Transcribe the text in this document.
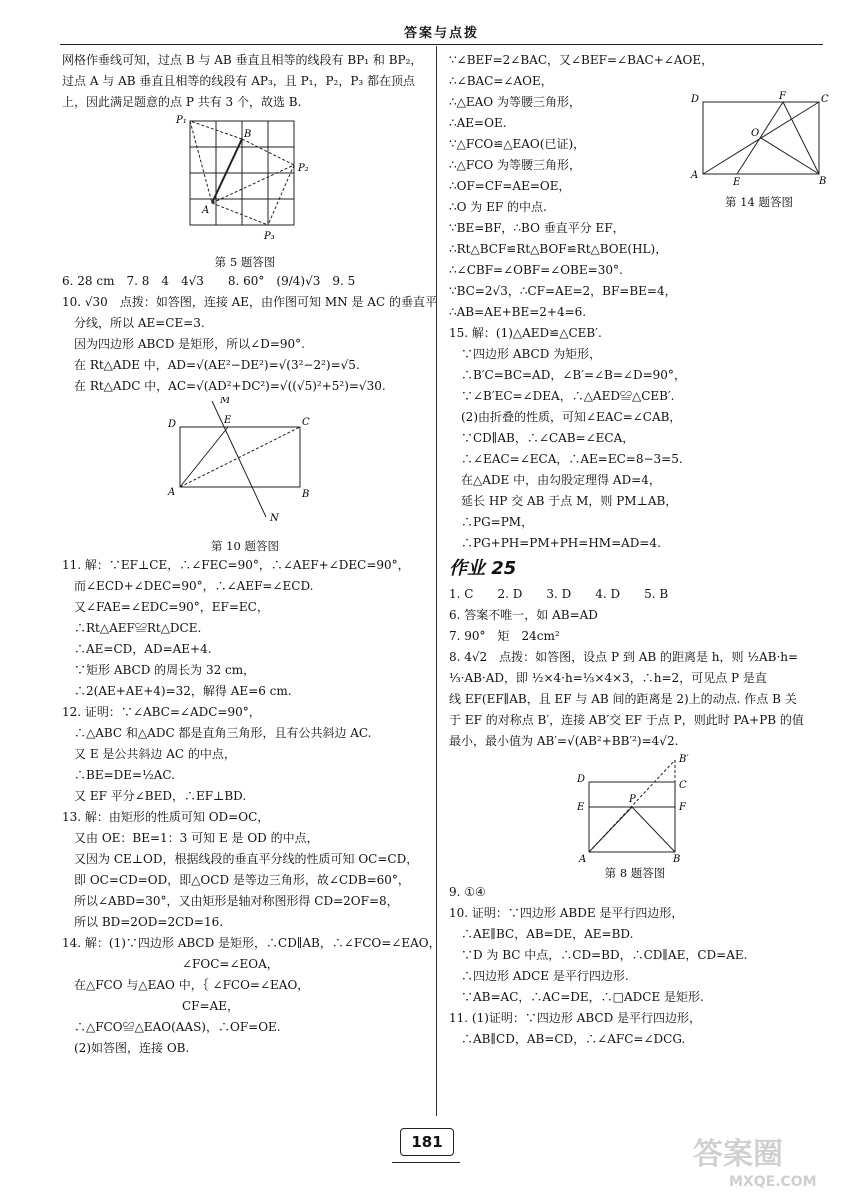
答案与点拨
网格作垂线可知，过点 B 与 AB 垂直且相等的线段有 BP₁ 和 BP₂，
过点 A 与 AB 垂直且相等的线段有 AP₃，且 P₁，P₂，P₃ 都在顶点
上，因此满足题意的点 P 共有 3 个，故选 B.
P₁
B
P₂
A
P₃
第 5 题答图
6. 28 cm　7. 8　4　4√3　　8. 60°　(9/4)√3　9. 5
10. √30　点拨：如答图，连接 AE，由作图可知 MN 是 AC 的垂直平
　分线，所以 AE=CE=3.
　因为四边形 ABCD 是矩形，所以∠D=90°.
　在 Rt△ADE 中，AD=√(AE²−DE²)=√(3²−2²)=√5.
　在 Rt△ADC 中，AC=√(AD²+DC²)=√((√5)²+5²)=√30.
M
D	E	C
A	B
N
第 10 题答图
11. 解：∵EF⊥CE，∴∠FEC=90°，∴∠AEF+∠DEC=90°，
　而∠ECD+∠DEC=90°，∴∠AEF=∠ECD.
　又∠FAE=∠EDC=90°，EF=EC，
　∴Rt△AEF≌Rt△DCE.
　∴AE=CD，AD=AE+4.
　∵矩形 ABCD 的周长为 32 cm，
　∴2(AE+AE+4)=32，解得 AE=6 cm.
12. 证明：∵∠ABC=∠ADC=90°，
　∴△ABC 和△ADC 都是直角三角形，且有公共斜边 AC.
　又 E 是公共斜边 AC 的中点，
　∴BE=DE=½AC.
　又 EF 平分∠BED，∴EF⊥BD.
13. 解：由矩形的性质可知 OD=OC，
　又由 OE：BE=1：3 可知 E 是 OD 的中点，
　又因为 CE⊥OD，根据线段的垂直平分线的性质可知 OC=CD，
　即 OC=CD=OD，即△OCD 是等边三角形，故∠CDB=60°，
　所以∠ABD=30°，又由矩形是轴对称图形得 CD=2OF=8，
　所以 BD=2OD=2CD=16.
14. 解：(1)∵四边形 ABCD 是矩形，∴CD∥AB，∴∠FCO=∠EAO，
　　　　　　　　　　∠FOC=∠EOA，
　在△FCO 与△EAO 中，｛ ∠FCO=∠EAO，
　　　　　　　　　　CF=AE，
　∴△FCO≌△EAO(AAS)，∴OF=OE.
　(2)如答图，连接 OB.
∵∠BEF=2∠BAC，又∠BEF=∠BAC+∠AOE，
∴∠BAC=∠AOE，
∴△EAO 为等腰三角形，
∴AE=OE.
∵△FCO≌△EAO(已证)，
∴△FCO 为等腰三角形，
∴OF=CF=AE=OE，
∴O 为 EF 的中点.
∵BE=BF，∴BO 垂直平分 EF，
∴Rt△BCF≌Rt△BOF≌Rt△BOE(HL)，
∴∠CBF=∠OBF=∠OBE=30°.
∵BC=2√3，∴CF=AE=2，BF=BE=4，
∴AB=AE+BE=2+4=6.
15. 解：(1)△AED≌△CEB′.
　∵四边形 ABCD 为矩形，
　∴B′C=BC=AD，∠B′=∠B=∠D=90°，
　∵∠B′EC=∠DEA，∴△AED≌△CEB′.
　(2)由折叠的性质，可知∠EAC=∠CAB，
　∵CD∥AB，∴∠CAB=∠ECA，
　∴∠EAC=∠ECA，∴AE=EC=8−3=5.
　在△ADE 中，由勾股定理得 AD=4，
　延长 HP 交 AB 于点 M，则 PM⊥AB，
　∴PG=PM，
　∴PG+PH=PM+PH=HM=AD=4.
D	F	C
O
A
E	B
第 14 题答图
作业 25
1. C　　2. D　　3. D　　4. D　　5. B
6. 答案不唯一，如 AB=AD
7. 90°　矩　24cm²
8. 4√2　点拨：如答图，设点 P 到 AB 的距离是 h，则 ½AB·h=
⅓·AB·AD，即 ½×4·h=⅓×4×3，∴h=2，可见点 P 是直
线 EF(EF∥AB，且 EF 与 AB 间的距离是 2)上的动点. 作点 B 关
于 EF 的对称点 B′，连接 AB′交 EF 于点 P，则此时 PA+PB 的值
最小，最小值为 AB′=√(AB²+BB′²)=4√2.
B′
D
C
E
P
F
A	B
第 8 题答图
9. ①④
10. 证明：∵四边形 ABDE 是平行四边形，
　∴AE∥BC，AB=DE，AE=BD.
　∵D 为 BC 中点，∴CD=BD，∴CD∥AE，CD=AE.
　∴四边形 ADCE 是平行四边形.
　∵AB=AC，∴AC=DE，∴□ADCE 是矩形.
11. (1)证明：∵四边形 ABCD 是平行四边形，
　∴AB∥CD，AB=CD，∴∠AFC=∠DCG.
181	答案圈
MXQE.COM
